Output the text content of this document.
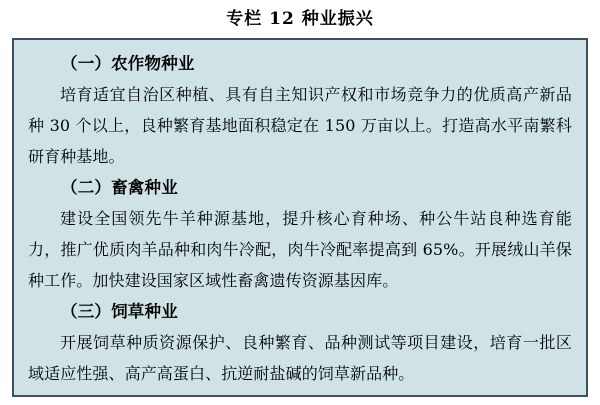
专栏 12 种业振兴
（一）农作物种业
培育适宜自治区种植、具有自主知识产权和市场竞争力的优质高产新品种 30 个以上，良种繁育基地面积稳定在 150 万亩以上。打造高水平南繁科研育种基地。
（二）畜禽种业
建设全国领先牛羊种源基地，提升核心育种场、种公牛站良种选育能力，推广优质肉羊品种和肉牛冷配，肉牛冷配率提高到 65%。开展绒山羊保种工作。加快建设国家区域性畜禽遗传资源基因库。
（三）饲草种业
开展饲草种质资源保护、良种繁育、品种测试等项目建设，培育一批区域适应性强、高产高蛋白、抗逆耐盐碱的饲草新品种。
